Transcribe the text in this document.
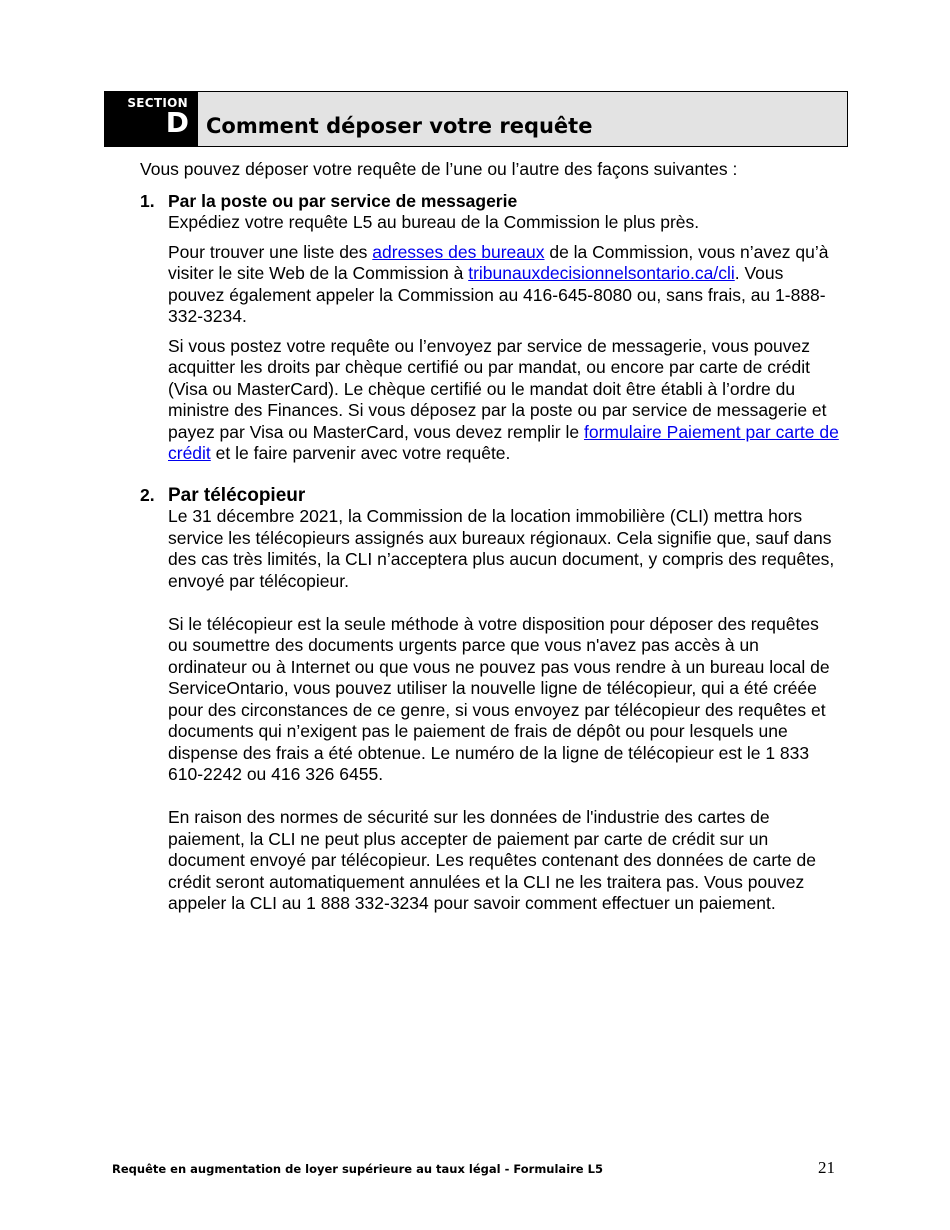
SECTION
D Comment déposer votre requête

Vous pouvez déposer votre requête de l’une ou l’autre des façons suivantes :

1. Par la poste ou par service de messagerie

Expédiez votre requête L5 au bureau de la Commission le plus près.

Pour trouver une liste des adresses des bureaux de la Commission, vous n’avez qu’à visiter le site Web de la Commission à tribunauxdecisionnelsontario.ca/cli. Vous pouvez également appeler la Commission au 416-645-8080 ou, sans frais, au 1-888-332-3234.

Si vous postez votre requête ou l’envoyez par service de messagerie, vous pouvez acquitter les droits par chèque certifié ou par mandat, ou encore par carte de crédit (Visa ou MasterCard). Le chèque certifié ou le mandat doit être établi à l’ordre du ministre des Finances. Si vous déposez par la poste ou par service de messagerie et payez par Visa ou MasterCard, vous devez remplir le formulaire Paiement par carte de crédit et le faire parvenir avec votre requête.

2. Par télécopieur

Le 31 décembre 2021, la Commission de la location immobilière (CLI) mettra hors service les télécopieurs assignés aux bureaux régionaux. Cela signifie que, sauf dans des cas très limités, la CLI n’acceptera plus aucun document, y compris des requêtes, envoyé par télécopieur.

Si le télécopieur est la seule méthode à votre disposition pour déposer des requêtes ou soumettre des documents urgents parce que vous n'avez pas accès à un ordinateur ou à Internet ou que vous ne pouvez pas vous rendre à un bureau local de ServiceOntario, vous pouvez utiliser la nouvelle ligne de télécopieur, qui a été créée pour des circonstances de ce genre, si vous envoyez par télécopieur des requêtes et documents qui n’exigent pas le paiement de frais de dépôt ou pour lesquels une dispense des frais a été obtenue. Le numéro de la ligne de télécopieur est le 1 833 610-2242 ou 416 326 6455.

En raison des normes de sécurité sur les données de l'industrie des cartes de paiement, la CLI ne peut plus accepter de paiement par carte de crédit sur un document envoyé par télécopieur. Les requêtes contenant des données de carte de crédit seront automatiquement annulées et la CLI ne les traitera pas. Vous pouvez appeler la CLI au 1 888 332-3234 pour savoir comment effectuer un paiement.

Requête en augmentation de loyer supérieure au taux légal - Formulaire L5	21
